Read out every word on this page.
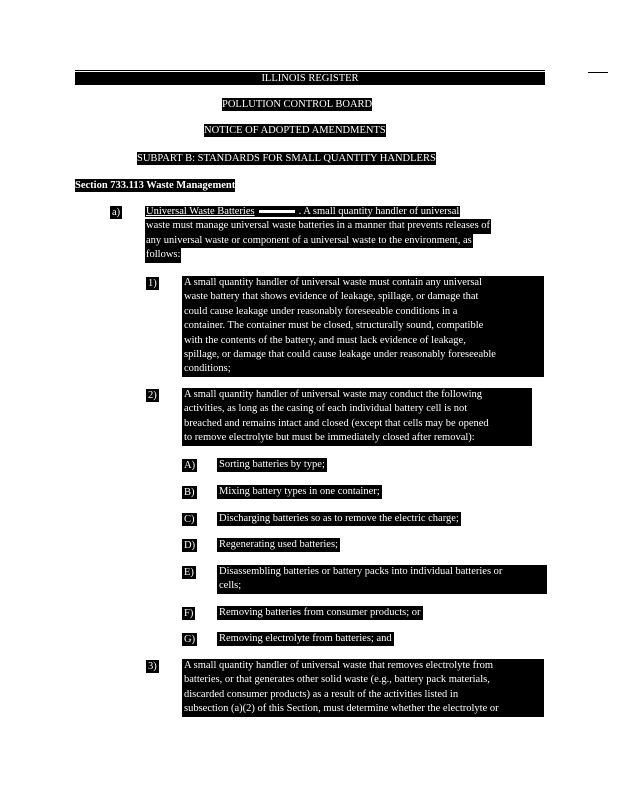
ILLINOIS REGISTER
POLLUTION CONTROL BOARD
NOTICE OF ADOPTED AMENDMENTS
SUBPART B: STANDARDS FOR SMALL QUANTITY HANDLERS
Section 733.113 Waste Management
a) Universal Waste Batteries	. A small quantity handler of universal
waste must manage universal waste batteries in a manner that prevents releases of
any universal waste or component of a universal waste to the environment, as
follows:
1)	A small quantity handler of universal waste must contain any universal
waste battery that shows evidence of leakage, spillage, or damage that
could cause leakage under reasonably foreseeable conditions in a
container. The container must be closed, structurally sound, compatible
with the contents of the battery, and must lack evidence of leakage,
spillage, or damage that could cause leakage under reasonably foreseeable
conditions;
2)	A small quantity handler of universal waste may conduct the following
activities, as long as the casing of each individual battery cell is not
breached and remains intact and closed (except that cells may be opened
to remove electrolyte but must be immediately closed after removal):
A) Sorting batteries by type;
B) Mixing battery types in one container;
C) Discharging batteries so as to remove the electric charge;
D) Regenerating used batteries;
E) Disassembling batteries or battery packs into individual batteries or
cells;
F) Removing batteries from consumer products; or
G) Removing electrolyte from batteries; and
3)	A small quantity handler of universal waste that removes electrolyte from
batteries, or that generates other solid waste (e.g., battery pack materials,
discarded consumer products) as a result of the activities listed in
subsection (a)(2) of this Section, must determine whether the electrolyte or
